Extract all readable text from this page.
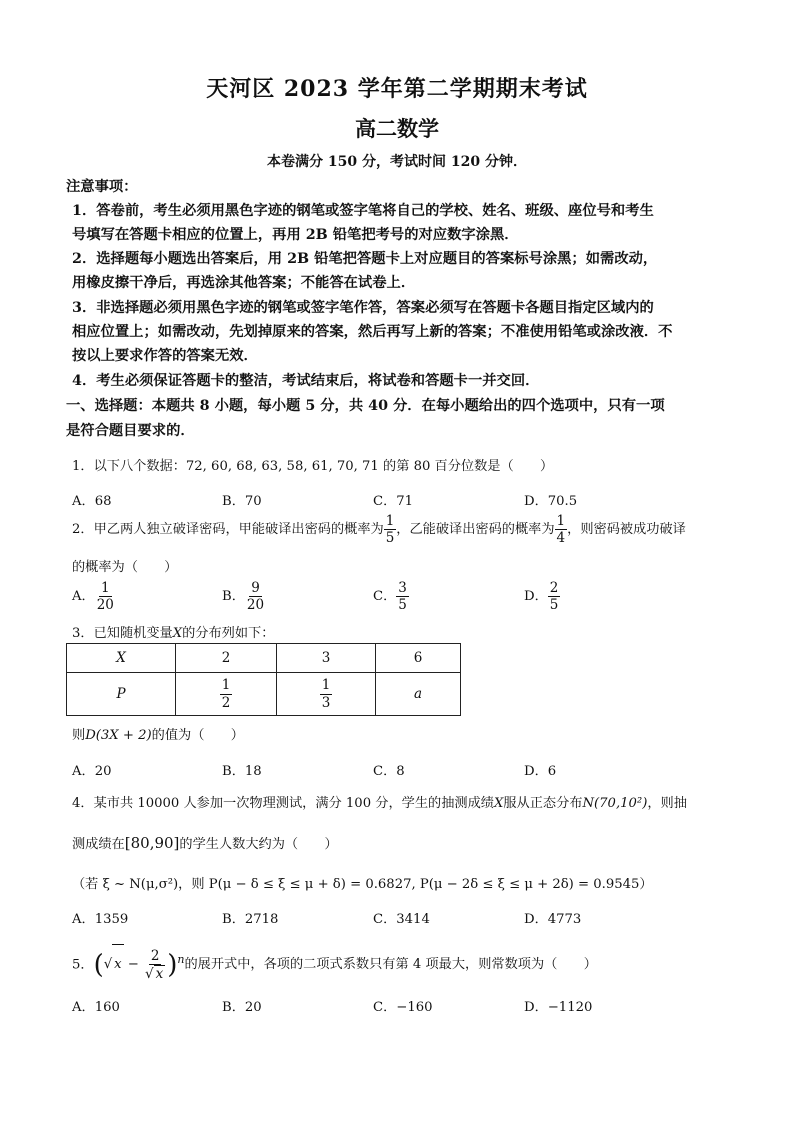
天河区 2023 学年第二学期期末考试
高二数学
本卷满分 150 分，考试时间 120 分钟．
注意事项：
1．答卷前，考生必须用黑色字迹的钢笔或签字笔将自己的学校、姓名、班级、座位号和考生
号填写在答题卡相应的位置上，再用 2B 铅笔把考号的对应数字涂黑．
2．选择题每小题选出答案后，用 2B 铅笔把答题卡上对应题目的答案标号涂黑；如需改动，
用橡皮擦干净后，再选涂其他答案；不能答在试卷上．
3．非选择题必须用黑色字迹的钢笔或签字笔作答，答案必须写在答题卡各题目指定区域内的
相应位置上；如需改动，先划掉原来的答案，然后再写上新的答案；不准使用铅笔或涂改液．不
按以上要求作答的答案无效．
4．考生必须保证答题卡的整洁，考试结束后，将试卷和答题卡一并交回．
一、选择题：本题共 8 小题，每小题 5 分，共 40 分．在每小题给出的四个选项中，只有一项
是符合题目要求的．
1．以下八个数据：72, 60, 68, 63, 58, 61, 70, 71 的第 80 百分位数是（　　）
A．68	B．70	C．71	D．70.5
2．甲乙两人独立破译密码，甲能破译出密码的概率为 $\frac{1}{5}$ ，乙能破译出密码的概率为 $\frac{1}{4}$ ，则密码被成功破译
的概率为（　　）
A． $\frac{1}{20}$	B． $\frac{9}{20}$	C． $\frac{3}{5}$	D． $\frac{2}{5}$
3．已知随机变量X的分布列如下：
X	2	3	6
P	$\frac{1}{2}$	$\frac{1}{3}$	a
则D(3X + 2)的值为（　　）
A．20	B．18	C．8	D．6
4．某市共 10000 人参加一次物理测试，满分 100 分，学生的抽测成绩X服从正态分布N(70,10²)，则抽
测成绩在[80,90]的学生人数大约为（　　）
（若 ξ ~ N(μ,σ²)，则 P(μ − δ ≤ ξ ≤ μ + δ) = 0.6827, P(μ − 2δ ≤ ξ ≤ μ + 2δ) = 0.9545）
A．1359	B．2718	C．3414	D．4773
5．(√ $x - \frac{2}{√ x} )^n$的展开式中，各项的二项式系数只有第 4 项最大，则常数项为（　　）
A．160	B．20	C．−160	D．−1120
